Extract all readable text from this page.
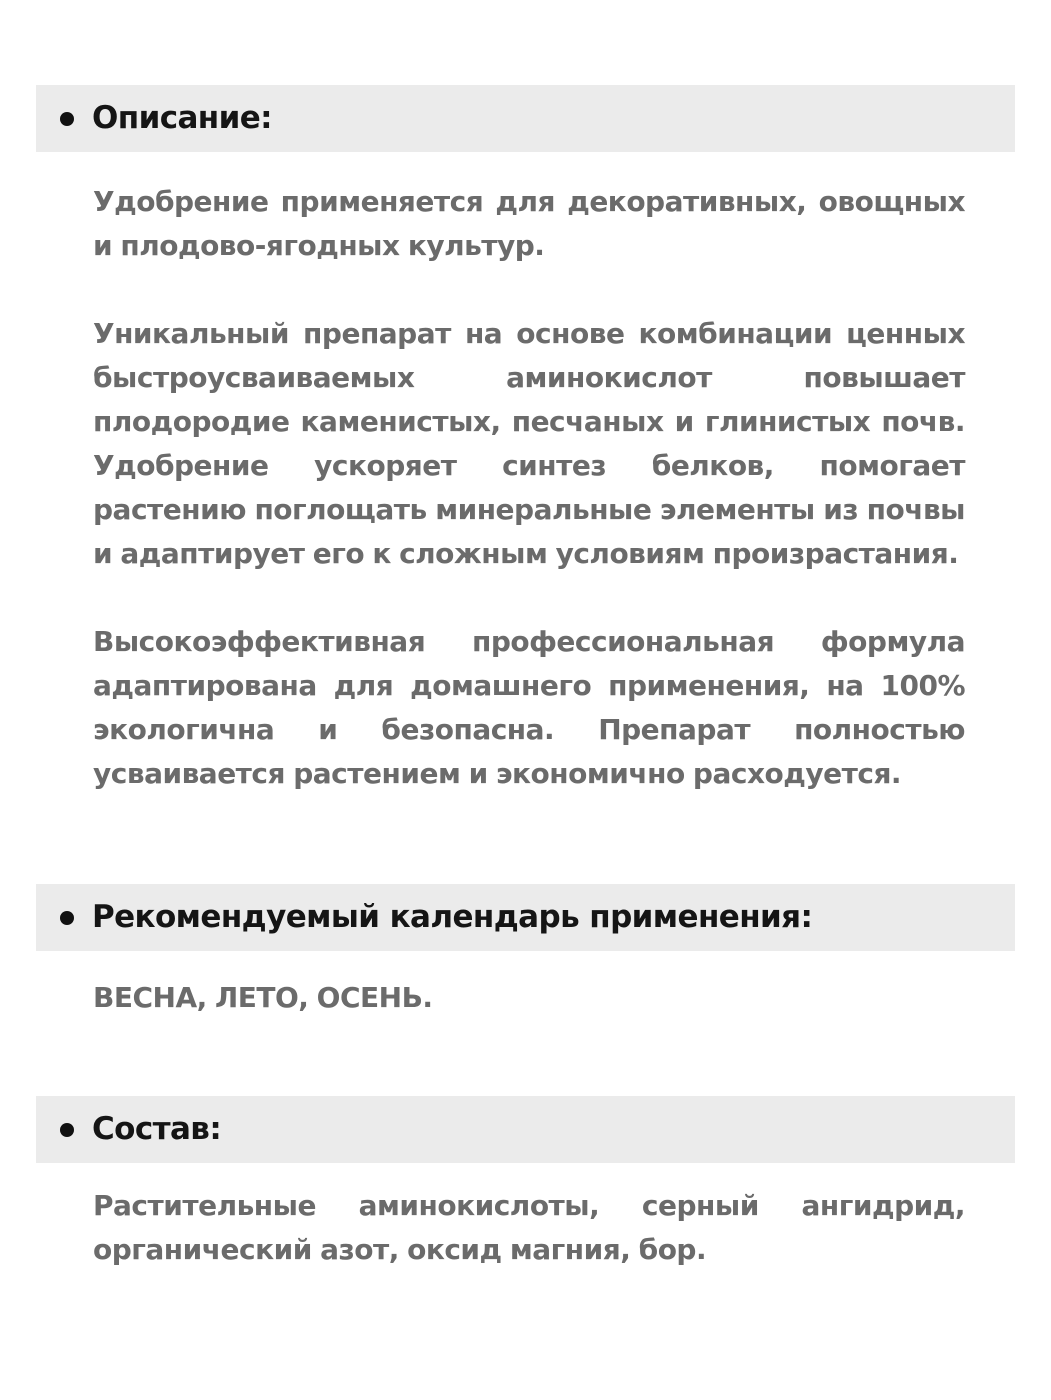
Описание:

Удобрение применяется для декоративных, овощных и плодово-ягодных культур.

Уникальный препарат на основе комбинации ценных быстроусваиваемых аминокислот повышает плодородие каменистых, песчаных и глинистых почв. Удобрение ускоряет синтез белков, помогает растению поглощать минеральные элементы из почвы и адаптирует его к сложным условиям произрастания.

Высокоэффективная профессиональная формула адаптирована для домашнего применения, на 100% экологична и безопасна. Препарат полностью усваивается растением и экономично расходуется.

Рекомендуемый календарь применения:

ВЕСНА, ЛЕТО, ОСЕНЬ.

Состав:

Растительные аминокислоты, серный ангидрид, органический азот, оксид магния, бор.
